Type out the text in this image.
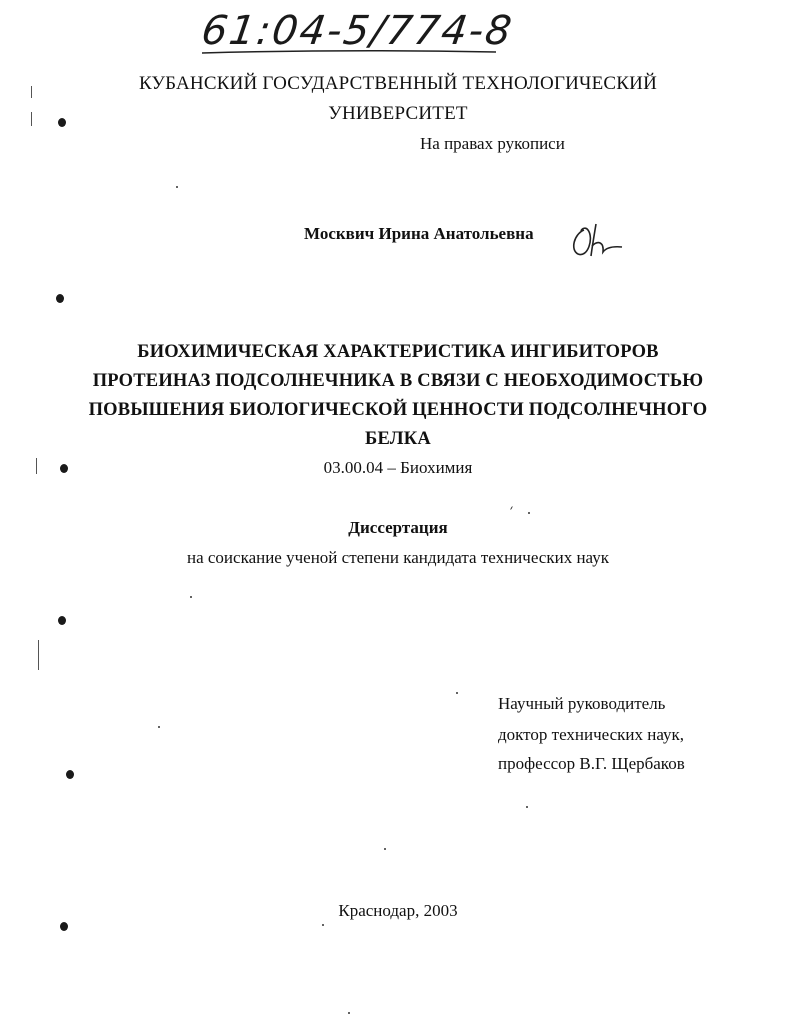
61:04-5/774-8
КУБАНСКИЙ ГОСУДАРСТВЕННЫЙ ТЕХНОЛОГИЧЕСКИЙ
УНИВЕРСИТЕТ
На правах рукописи
Москвич Ирина Анатольевна
БИОХИМИЧЕСКАЯ ХАРАКТЕРИСТИКА ИНГИБИТОРОВ
ПРОТЕИНАЗ ПОДСОЛНЕЧНИКА В СВЯЗИ С НЕОБХОДИМОСТЬЮ
ПОВЫШЕНИЯ БИОЛОГИЧЕСКОЙ ЦЕННОСТИ ПОДСОЛНЕЧНОГО
БЕЛКА
03.00.04 – Биохимия
Диссертация
на соискание ученой степени кандидата технических наук
Научный руководитель
доктор технических наук,
профессор В.Г. Щербаков
Краснодар, 2003
